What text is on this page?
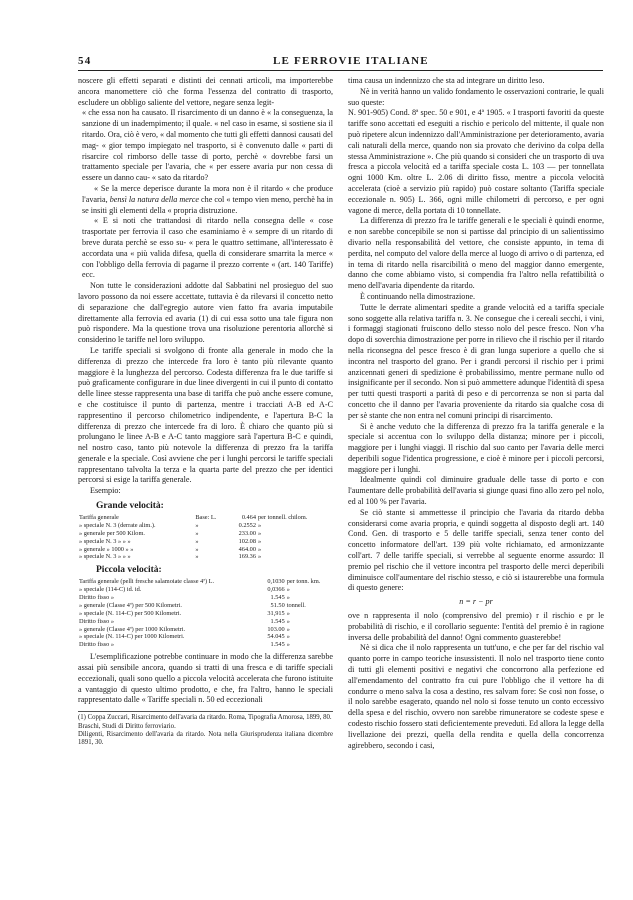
54	LE FERROVIE ITALIANE

noscere gli effetti separati e distinti dei cennati articoli, ma importerebbe ancora manomettere ciò che forma l'essenza del contratto di trasporto, escludere un obbligo saliente del vettore, negare senza legit-

« che essa non ha causato. Il risarcimento di un danno è « la conseguenza, la sanzione di un inadempimento; il quale. « nel caso in esame, si sostiene sia il ritardo. Ora, ciò è vero, « dal momento che tutti gli effetti dannosi causati del mag- « gior tempo impiegato nel trasporto, si è convenuto dalle « parti di risarcire col rimborso delle tasse di porto, perchè « dovrebbe farsi un trattamento speciale per l'avaria, che « per essere avaria pur non cessa di essere un danno cau- « sato da ritardo?

« Se la merce deperisce durante la mora non è il ritardo « che produce l'avaria, bensì la natura della merce che col « tempo vien meno, perchè ha in se insiti gli elementi della « propria distruzione.

« E si noti che trattandosi di ritardo nella consegna delle « cose trasportate per ferrovia il caso che esaminiamo è « sempre di un ritardo di breve durata perchè se esso su- « pera le quattro settimane, all'interessato è accordata una « più valida difesa, quella di considerare smarrita la merce « con l'obbligo della ferrovia di pagarne il prezzo corrente « (art. 140 Tariffe) ecc.

Non tutte le considerazioni addotte dal Sabbatini nel prosieguo del suo lavoro possono da noi essere accettate, tuttavia è da rilevarsi il concetto netto di separazione che dall'egregio autore vien fatto fra avaria imputabile direttamente alla ferrovia ed avaria (1) di cui essa sotto una tale figura non può rispondere. Ma la questione trova una risoluzione perentoria allorchè si considerino le tariffe nel loro sviluppo.

Le tariffe speciali si svolgono di fronte alla generale in modo che la differenza di prezzo che intercede fra loro è tanto più rilevante quanto maggiore è la lunghezza del percorso. Codesta differenza fra le due tariffe si può graficamente configurare in due linee divergenti in cui il punto di contatto delle linee stesse rappresenta una base di tariffa che può anche essere comune, e che costituisce il punto di partenza, mentre i tracciati A-B ed A-C rappresentino il percorso chilometrico indipendente, e l'apertura B-C la differenza di prezzo che intercede fra di loro. È chiaro che quanto più si prolungano le linee A-B e A-C tanto maggiore sarà l'apertura B-C e quindi, nel nostro caso, tanto più notevole la differenza di prezzo fra la tariffa generale e la speciale. Così avviene che per i lunghi percorsi le tariffe speciali rappresentano talvolta la terza e la quarta parte del prezzo che per identici percorsi si esige la tariffa generale.

Esempio:

Grande velocità:
Tariffa generale	Base: L.	0.464	per tonnell. chilom.
» speciale N. 3 (derrate alim.).	»	0.2552	»
» generale per 500 Kilom.	»	233.00	»
» speciale N. 3 » » »	»	102.08	»
» generale » 1000 » »	»	464.00	»
» speciale N. 3 » » »	»	169.36	»
Piccola velocità:
Tariffa generale (pelli fresche salamoiate classe 4ª) L.	0,1030	per tonn. km.
» speciale (114-C) id. id.	0,0366	»
Diritto fisso »	1.545	»
» generale (Classe 4ª) per 500 Kilometri.	51.50	tonnell.
» speciale (N. 114-C) per 500 Kilometri.	31,915	»
Diritto fisso »	1.545	»
» generale (Classe 4ª) per 1000 Kilometri.	103.00	»
» speciale (N. 114-C) per 1000 Kilometri.	54.045	»
Diritto fisso »	1.545	»

L'esemplificazione potrebbe continuare in modo che la differenza sarebbe assai più sensibile ancora, quando si tratti di una fresca e di tariffe speciali eccezionali, quali sono quello a piccola velocità accelerata che furono istituite a vantaggio di questo ultimo prodotto, e che, fra l'altro, hanno le speciali rappresentato dalle « Tariffe speciali n. 50 ed eccezionali

(1) Coppa Zuccari, Risarcimento dell'avaria da ritardo. Roma, Tipografia Amorosa, 1899, 80.

Braschi, Studi di Diritto ferroviario.

Diligenti, Risarcimento dell'avaria da ritardo. Nota nella Giurisprudenza italiana dicembre 1891, 30.

tima causa un indennizzo che sta ad integrare un diritto leso.

Nè in verità hanno un valido fondamento le osservazioni contrarie, le quali suo queste:

N. 901-905) Cond. 8ª spec. 50 e 901, e 4ª 1905. « I trasporti favoriti da queste tariffe sono accettati ed eseguiti a rischio e pericolo del mittente, il quale non può ripetere alcun indennizzo dall'Amministrazione per deterioramento, avaria cali naturali della merce, quando non sia provato che derivino da colpa della stessa Amministrazione ». Che più quando si consideri che un trasporto di uva fresca a piccola velocità ed a tariffa speciale costa L. 103 — per tonnellata ogni 1000 Km. oltre L. 2.06 di diritto fisso, mentre a piccola velocità accelerata (cioè a servizio più rapido) può costare soltanto (Tariffa speciale eccezionale n. 905) L. 366, ogni mille chilometri di percorso, e per ogni vagone di merce, della portata di 10 tonnellate.

La differenza di prezzo fra le tariffe generali e le speciali è quindi enorme, e non sarebbe concepibile se non si partisse dal principio di un salientissimo divario nella responsabilità del vettore, che consiste appunto, in tema di perdita, nel computo del valore della merce al luogo di arrivo o di partenza, ed in tema di ritardo nella risarcibilità o meno del maggior danno emergente, danno che come abbiamo visto, si compendia fra l'altro nella refattibilità o meno dell'avaria dipendente da ritardo.

È continuando nella dimostrazione.

Tutte le derrate alimentari spedite a grande velocità ed a tariffa speciale sono soggette alla relativa tariffa n. 3. Ne consegue che i cereali secchi, i vini, i formaggi stagionati fruiscono dello stesso nolo del pesce fresco. Non v'ha dopo di soverchia dimostrazione per porre in rilievo che il rischio per il ritardo nella riconsegna del pesce fresco è di gran lunga superiore a quello che si incontra nel trasporto del grano. Per i grandi percorsi il rischio per i primi anzicennati generi di spedizione è probabilissimo, mentre permane nullo od insignificante per il secondo. Non si può ammettere adunque l'identità di spesa per tutti questi trasporti a parità di peso e di percorrenza se non si parta dal concetto che il danno per l'avaria proveniente da ritardo sia qualche cosa di per sè stante che non entra nel comuni principi di risarcimento.

Si è anche veduto che la differenza di prezzo fra la tariffa generale e la speciale si accentua con lo sviluppo della distanza; minore per i piccoli, maggiore per i lunghi viaggi. Il rischio dal suo canto per l'avaria delle merci deperibili sogue l'identica progressione, e cioè è minore per i piccoli percorsi, maggiore per i lunghi.

Idealmente quindi col diminuire graduale delle tasse di porto e con l'aumentare delle probabilità dell'avaria si giunge quasi fino allo zero pel nolo, ed al 100 % per l'avaria.

Se ciò stante si ammettesse il principio che l'avaria da ritardo debba considerarsi come avaria propria, e quindi soggetta al disposto degli art. 140 Cond. Gen. di trasporto e 5 delle tariffe speciali, senza tener conto del concetto informatore dell'art. 139 più volte richiamato, ed armonizzante coll'art. 7 delle tariffe speciali, si verrebbe al seguente enorme assurdo: Il premio pel rischio che il vettore incontra pel trasporto delle merci deperibili diminuisce coll'aumentare del rischio stesso, e ciò si istaurerebbe una formula di questo genere:

n = r − pr

ove n rappresenta il nolo (comprensivo del premio) r il rischio e pr le probabilità di rischio, e il corollario seguente: l'entità del premio è in ragione inversa delle probabilità del danno! Ogni commento guasterebbe!

Nè si dica che il nolo rappresenta un tutt'uno, e che per far del rischio val quanto porre in campo teoriche insussistenti. Il nolo nel trasporto tiene conto di tutti gli elementi positivi e negativi che concorrono alla perfezione ed all'emendamento del contratto fra cui pure l'obbligo che il vettore ha di condurre o meno salva la cosa a destino, res salvam fore: Se così non fosse, o il nolo sarebbe esagerato, quando nel nolo si fosse tenuto un conto eccessivo della spesa e del rischio, ovvero non sarebbe rimuneratore se codeste spese e codesto rischio fossero stati deficientemente preveduti. Ed allora la legge della livellazione dei prezzi, quella della rendita e quella della concorrenza agirebbero, secondo i casi,
